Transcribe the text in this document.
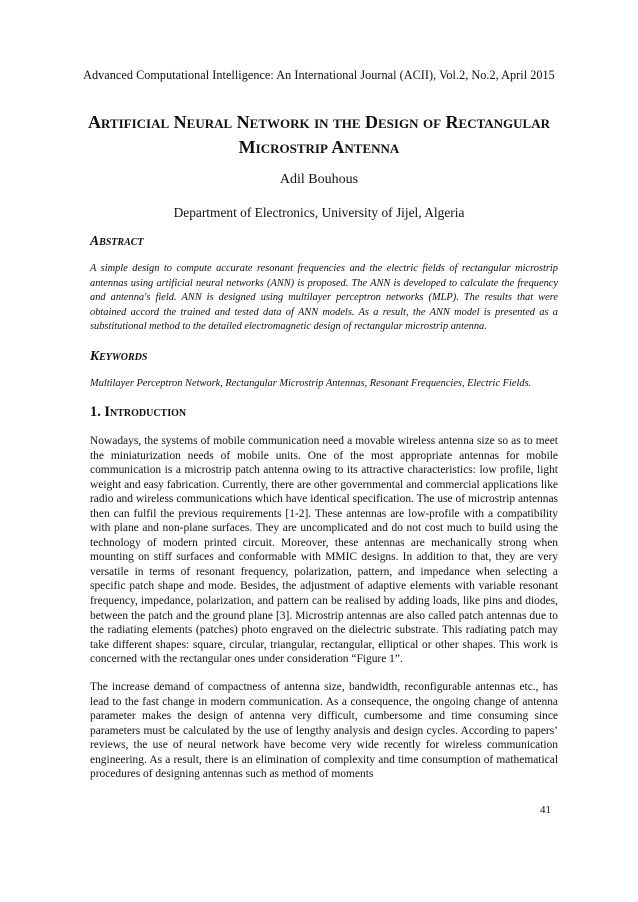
Advanced Computational Intelligence: An International Journal (ACII), Vol.2, No.2, April 2015
Artificial Neural Network in the Design of Rectangular Microstrip Antenna
Adil Bouhous
Department of Electronics, University of Jijel, Algeria
Abstract
A simple design to compute accurate resonant frequencies and the electric fields of rectangular microstrip antennas using artificial neural networks (ANN) is proposed. The ANN is developed to calculate the frequency and antenna's field. ANN is designed using multilayer perceptron networks (MLP). The results that were obtained accord the trained and tested data of ANN models. As a result, the ANN model is presented as a substitutional method to the detailed electromagnetic design of rectangular microstrip antenna.
Keywords
Multilayer Perceptron Network, Rectangular Microstrip Antennas, Resonant Frequencies, Electric Fields.
1. Introduction
Nowadays, the systems of mobile communication need a movable wireless antenna size so as to meet the miniaturization needs of mobile units. One of the most appropriate antennas for mobile communication is a microstrip patch antenna owing to its attractive characteristics: low profile, light weight and easy fabrication. Currently, there are other governmental and commercial applications like radio and wireless communications which have identical specification. The use of microstrip antennas then can fulfil the previous requirements [1-2]. These antennas are low-profile with a compatibility with plane and non-plane surfaces. They are uncomplicated and do not cost much to build using the technology of modern printed circuit. Moreover, these antennas are mechanically strong when mounting on stiff surfaces and conformable with MMIC designs. In addition to that, they are very versatile in terms of resonant frequency, polarization, pattern, and impedance when selecting a specific patch shape and mode. Besides, the adjustment of adaptive elements with variable resonant frequency, impedance, polarization, and pattern can be realised by adding loads, like pins and diodes, between the patch and the ground plane [3]. Microstrip antennas are also called patch antennas due to the radiating elements (patches) photo engraved on the dielectric substrate. This radiating patch may take different shapes: square, circular, triangular, rectangular, elliptical or other shapes. This work is concerned with the rectangular ones under consideration “Figure 1”.
The increase demand of compactness of antenna size, bandwidth, reconfigurable antennas etc., has lead to the fast change in modern communication. As a consequence, the ongoing change of antenna parameter makes the design of antenna very difficult, cumbersome and time consuming since parameters must be calculated by the use of lengthy analysis and design cycles. According to papers’ reviews, the use of neural network have become very wide recently for wireless communication engineering. As a result, there is an elimination of complexity and time consumption of mathematical procedures of designing antennas such as method of moments
41
